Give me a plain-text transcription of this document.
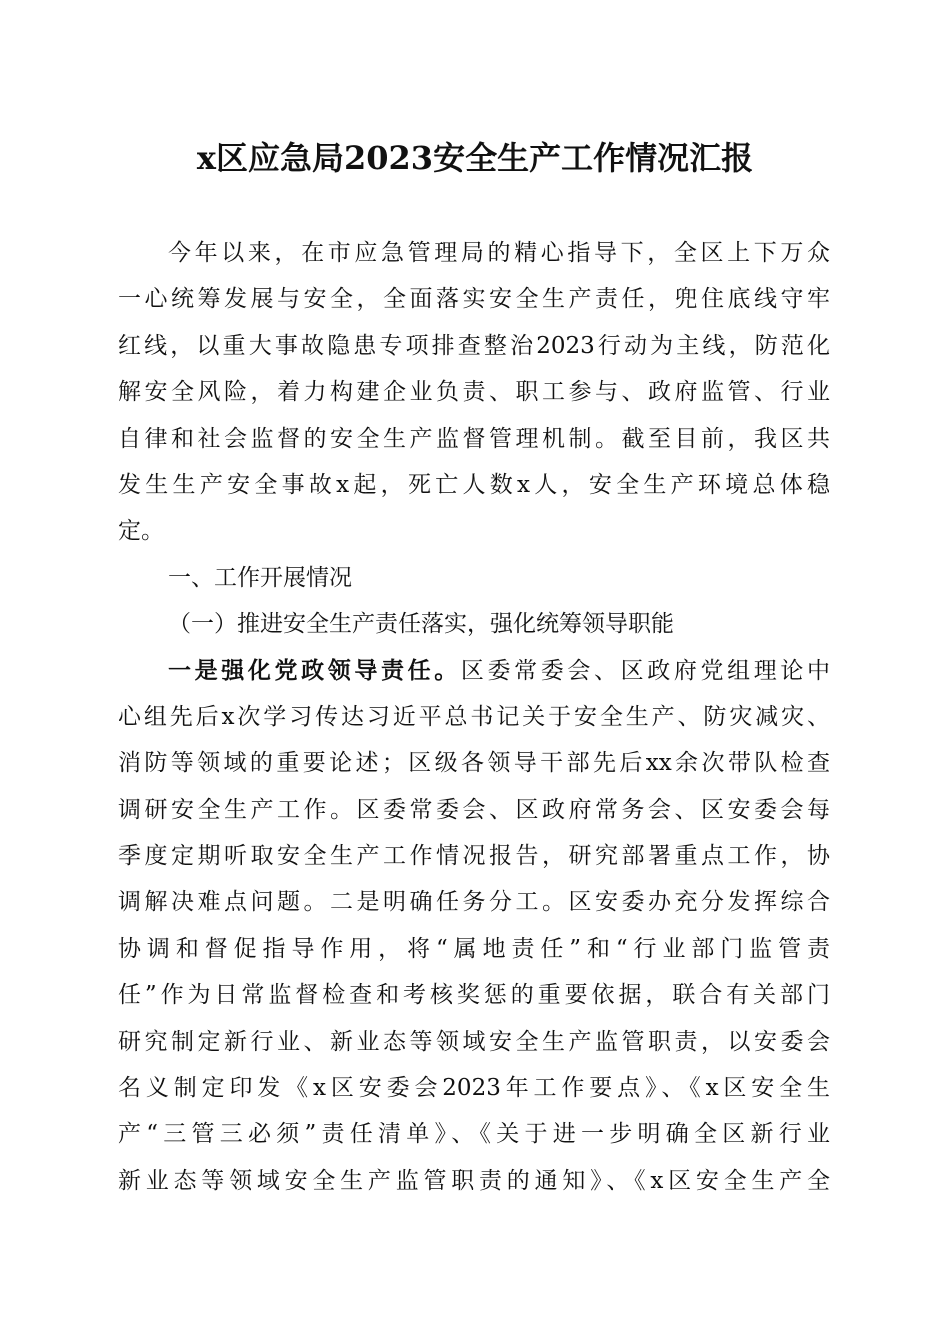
x区应急局2023安全生产工作情况汇报
今年以来，在市应急管理局的精心指导下，全区上下万众
一心统筹发展与安全，全面落实安全生产责任，兜住底线守牢
红线，以重大事故隐患专项排查整治2023行动为主线，防范化
解安全风险，着力构建企业负责、职工参与、政府监管、行业
自律和社会监督的安全生产监督管理机制。截至目前，我区共
发生生产安全事故x起，死亡人数x人，安全生产环境总体稳
定。
一、工作开展情况
（一）推进安全生产责任落实，强化统筹领导职能
一是强化党政领导责任。区委常委会、区政府党组理论中
心组先后x次学习传达习近平总书记关于安全生产、防灾减灾、
消防等领域的重要论述；区级各领导干部先后xx余次带队检查
调研安全生产工作。区委常委会、区政府常务会、区安委会每
季度定期听取安全生产工作情况报告，研究部署重点工作，协
调解决难点问题。二是明确任务分工。区安委办充分发挥综合
协调和督促指导作用，将“属地责任”和“行业部门监管责
任”作为日常监督检查和考核奖惩的重要依据，联合有关部门
研究制定新行业、新业态等领域安全生产监管职责，以安委会
名义制定印发《x区安委会2023年工作要点》、《x区安全生
产“三管三必须”责任清单》、《关于进一步明确全区新行业
新业态等领域安全生产监管职责的通知》、《x区安全生产全
